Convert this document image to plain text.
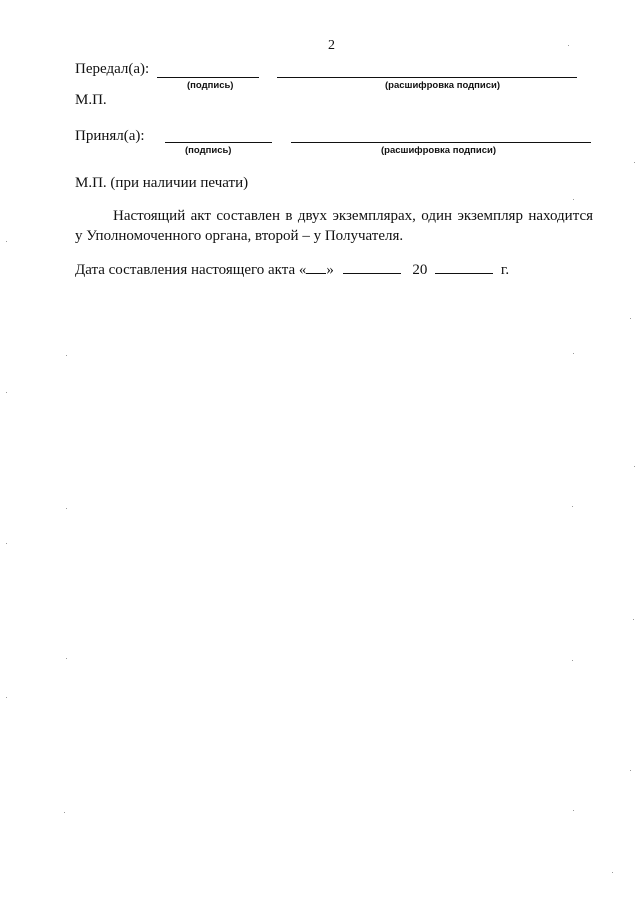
2
Передал(а):
(подпись)	(расшифровка подписи)
М.П.
Принял(а):
(подпись)	(расшифровка подписи)
М.П. (при наличии печати)
Настоящий акт составлен в двух экземплярах, один экземпляр находится
у Уполномоченного органа, второй – у Получателя.
Дата составления настоящего акта « »	20	г.
